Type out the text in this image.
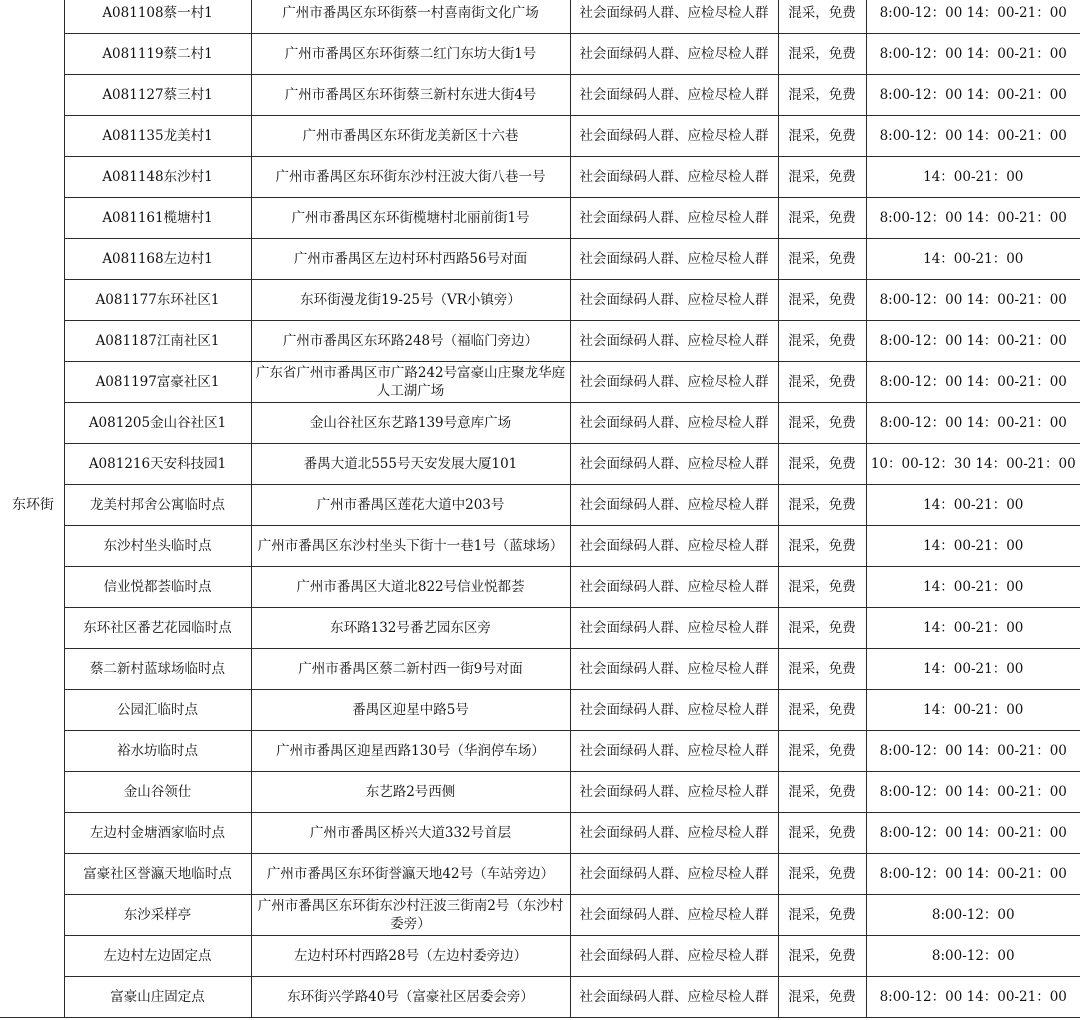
东环街	A081108蔡一村1	广州市番禺区东环街蔡一村喜南街文化广场	社会面绿码人群、应检尽检人群	混采，免费	8:00-12：00 14：00-21：00
	A081119蔡二村1	广州市番禺区东环街蔡二红门东坊大街1号	社会面绿码人群、应检尽检人群	混采，免费	8:00-12：00 14：00-21：00
	A081127蔡三村1	广州市番禺区东环街蔡三新村东进大街4号	社会面绿码人群、应检尽检人群	混采，免费	8:00-12：00 14：00-21：00
	A081135龙美村1	广州市番禺区东环街龙美新区十六巷	社会面绿码人群、应检尽检人群	混采，免费	8:00-12：00 14：00-21：00
	A081148东沙村1	广州市番禺区东环街东沙村汪波大街八巷一号	社会面绿码人群、应检尽检人群	混采，免费	14：00-21：00
	A081161榄塘村1	广州市番禺区东环街榄塘村北丽前街1号	社会面绿码人群、应检尽检人群	混采，免费	8:00-12：00 14：00-21：00
	A081168左边村1	广州市番禺区左边村环村西路56号对面	社会面绿码人群、应检尽检人群	混采，免费	14：00-21：00
	A081177东环社区1	东环街漫龙街19-25号（VR小镇旁）	社会面绿码人群、应检尽检人群	混采，免费	8:00-12：00 14：00-21：00
	A081187江南社区1	广州市番禺区东环路248号（福临门旁边）	社会面绿码人群、应检尽检人群	混采，免费	8:00-12：00 14：00-21：00
	A081197富豪社区1	广东省广州市番禺区市广路242号富豪山庄聚龙华庭人工湖广场	社会面绿码人群、应检尽检人群	混采，免费	8:00-12：00 14：00-21：00
	A081205金山谷社区1	金山谷社区东艺路139号意库广场	社会面绿码人群、应检尽检人群	混采，免费	8:00-12：00 14：00-21：00
	A081216天安科技园1	番禺大道北555号天安发展大厦101	社会面绿码人群、应检尽检人群	混采，免费	10：00-12：30 14：00-21：00
	龙美村邦舍公寓临时点	广州市番禺区莲花大道中203号	社会面绿码人群、应检尽检人群	混采，免费	14：00-21：00
	东沙村坐头临时点	广州市番禺区东沙村坐头下街十一巷1号（蓝球场）	社会面绿码人群、应检尽检人群	混采，免费	14：00-21：00
	信业悦都荟临时点	广州市番禺区大道北822号信业悦都荟	社会面绿码人群、应检尽检人群	混采，免费	14：00-21：00
	东环社区番艺花园临时点	东环路132号番艺园东区旁	社会面绿码人群、应检尽检人群	混采，免费	14：00-21：00
	蔡二新村蓝球场临时点	广州市番禺区蔡二新村西一街9号对面	社会面绿码人群、应检尽检人群	混采，免费	14：00-21：00
	公园汇临时点	番禺区迎星中路5号	社会面绿码人群、应检尽检人群	混采，免费	14：00-21：00
	裕水坊临时点	广州市番禺区迎星西路130号（华润停车场）	社会面绿码人群、应检尽检人群	混采，免费	8:00-12：00 14：00-21：00
	金山谷领仕	东艺路2号西侧	社会面绿码人群、应检尽检人群	混采，免费	8:00-12：00 14：00-21：00
	左边村金塘酒家临时点	广州市番禺区桥兴大道332号首层	社会面绿码人群、应检尽检人群	混采，免费	8:00-12：00 14：00-21：00
	富豪社区誉瀛天地临时点	广州市番禺区东环街誉瀛天地42号（车站旁边）	社会面绿码人群、应检尽检人群	混采，免费	8:00-12：00 14：00-21：00
	东沙采样亭	广州市番禺区东环街东沙村汪波三街南2号（东沙村委旁）	社会面绿码人群、应检尽检人群	混采，免费	8:00-12：00
	左边村左边固定点	左边村环村西路28号（左边村委旁边）	社会面绿码人群、应检尽检人群	混采，免费	8:00-12：00
	富豪山庄固定点	东环街兴学路40号（富豪社区居委会旁）	社会面绿码人群、应检尽检人群	混采，免费	8:00-12：00 14：00-21：00
